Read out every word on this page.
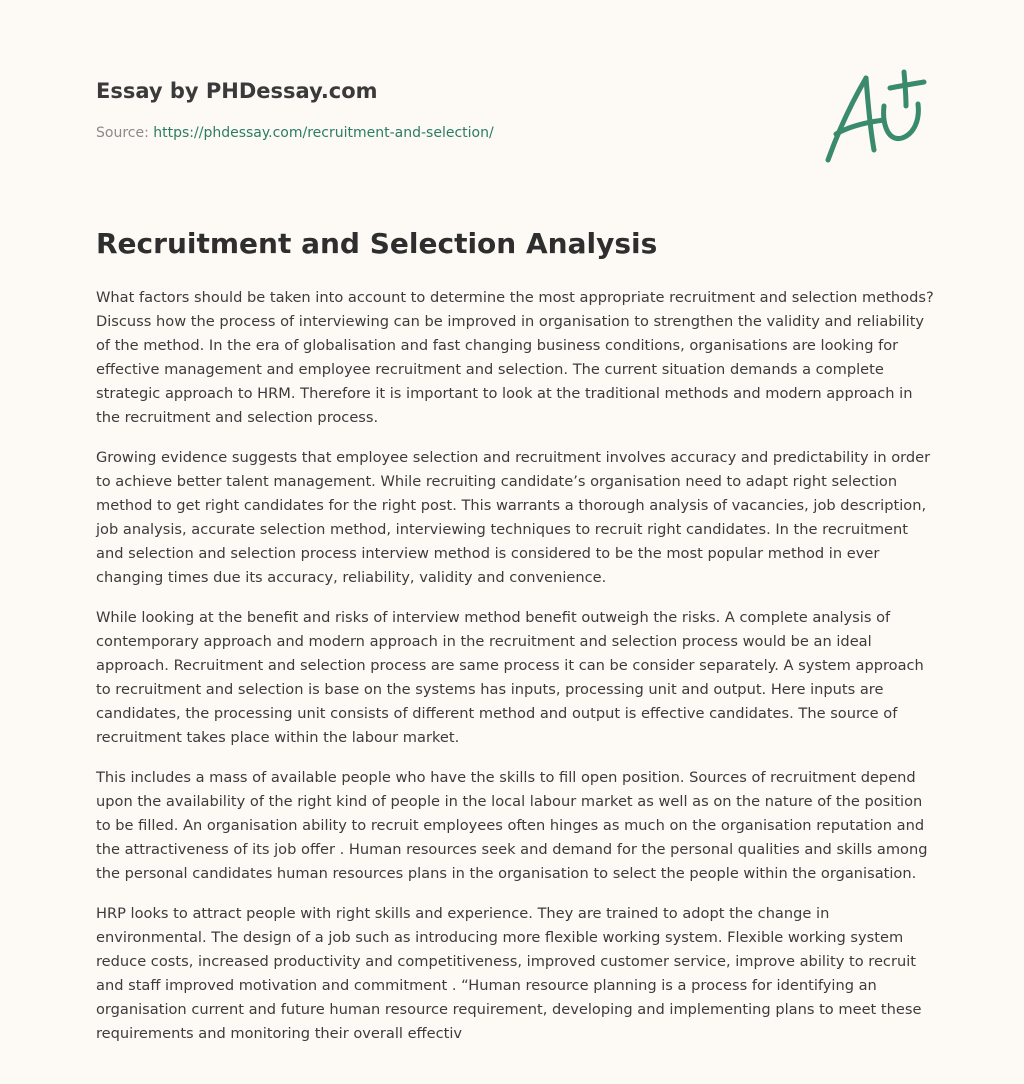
Essay by PHDessay.com
Source: https://phdessay.com/recruitment-and-selection/
Recruitment and Selection Analysis

What factors should be taken into account to determine the most appropriate recruitment and selection methods? Discuss how the process of interviewing can be improved in organisation to strengthen the validity and reliability of the method. In the era of globalisation and fast changing business conditions, organisations are looking for effective management and employee recruitment and selection. The current situation demands a complete strategic approach to HRM. Therefore it is important to look at the traditional methods and modern approach in the recruitment and selection process.

Growing evidence suggests that employee selection and recruitment involves accuracy and predictability in order to achieve better talent management. While recruiting candidate’s organisation need to adapt right selection method to get right candidates for the right post. This warrants a thorough analysis of vacancies, job description, job analysis, accurate selection method, interviewing techniques to recruit right candidates. In the recruitment and selection and selection process interview method is considered to be the most popular method in ever changing times due its accuracy, reliability, validity and convenience.

While looking at the benefit and risks of interview method benefit outweigh the risks. A complete analysis of contemporary approach and modern approach in the recruitment and selection process would be an ideal approach. Recruitment and selection process are same process it can be consider separately. A system approach to recruitment and selection is base on the systems has inputs, processing unit and output. Here inputs are candidates, the processing unit consists of different method and output is effective candidates. The source of recruitment takes place within the labour market.

This includes a mass of available people who have the skills to fill open position. Sources of recruitment depend upon the availability of the right kind of people in the local labour market as well as on the nature of the position to be filled. An organisation ability to recruit employees often hinges as much on the organisation reputation and the attractiveness of its job offer . Human resources seek and demand for the personal qualities and skills among the personal candidates human resources plans in the organisation to select the people within the organisation.

HRP looks to attract people with right skills and experience. They are trained to adopt the change in environmental. The design of a job such as introducing more flexible working system. Flexible working system reduce costs, increased productivity and competitiveness, improved customer service, improve ability to recruit and staff improved motivation and commitment . “Human resource planning is a process for identifying an organisation current and future human resource requirement, developing and implementing plans to meet these requirements and monitoring their overall effectiv
